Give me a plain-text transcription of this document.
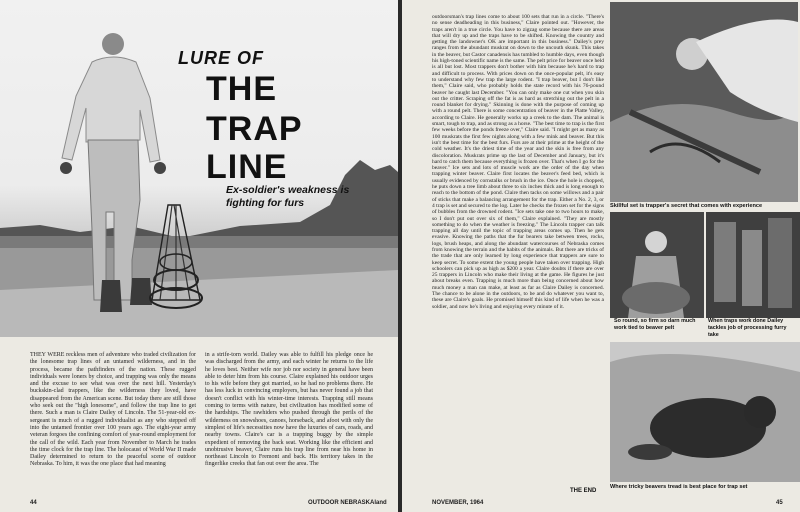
LURE OF
THE
TRAP
LINE
Ex-soldier's weakness is fighting for furs

THEY WERE reckless men of adventure who traded civilization for the lonesome trap lines of an untamed wilderness, and in the process, became the pathfinders of the nation. These rugged individuals were loners by choice, and trapping was only the means and the excuse to see what was over the next hill. Yesterday's buckskin-clad trappers, like the wilderness they loved, have disappeared from the American scene. But today there are still those who seek out the "high lonesome", and follow the trap line to get there. Such a man is Claire Dailey of Lincoln. The 51-year-old ex-sergeant is much of a rugged individualist as any who stepped off into the untamed frontier over 100 years ago. The eight-year army veteran forgoes the confining comfort of year-round employment for the call of the wild. Each year from November to March he trades the time clock for the trap line. The holocaust of World War II made Dailey determined to return to the peaceful scene of outdoor Nebraska. To him, it was the one place that had meaning

in a strife-torn world. Dailey was able to fulfill his pledge once he was discharged from the army, and each winter he returns to the life he loves best. Neither wife nor job nor society in general have been able to deter him from his course. Claire explained his outdoor urges to his wife before they got married, so he had no problems there. He has less luck in convincing employers, but has never found a job that doesn't conflict with his winter-time interests. Trapping still means coming to terms with nature, but civilization has modified some of the hardships. The rawhiders who pushed through the perils of the wilderness on snowshoes, canoes, horseback, and afoot with only the simplest of life's necessities now have the luxuries of cars, roads, and nearby towns. Claire's car is a trapping buggy by the simple expedient of removing the back seat. Working like the efficient and unobtrusive beaver, Claire runs his trap line from near his home in northeast Lincoln to Fremont and back. His territory takes in the fingerlike creeks that fan out over the area. The

44	OUTDOOR NEBRASKAland

outdoorsman's trap lines come to about 100 sets that run in a circle. "There's no sense deadheading in this business," Claire pointed out. "However, the traps aren't in a true circle. You have to zigzag some because there are areas that will dry up and the traps have to be shifted. Knowing the country and getting the landowner's OK are important in this business." Dailey's prey ranges from the abundant muskrat on down to the uncouth skunk. This takes in the beaver, but Castor canadensis has tumbled to humble days, even though his high-toned scientific name is the same. The pelt price for beaver once held is all but lost. Most trappers don't bother with him because he's hard to trap and difficult to process. With prices down on the once-popular pelt, it's easy to understand why few trap the large rodent. "I trap beaver, but I don't like them," Claire said, who probably holds the state record with his 76-pound beaver he caught last December. "You can only make one cut when you skin out the critter. Scraping off the fat is as hard as stretching out the pelt in a round blanket for drying." Skinning is done with the purpose of coming up with a round pelt. There is some concentration of beaver in the Platte Valley, according to Claire. He generally works up a creek to the dam. The animal is smart, tough to trap, and as strong as a horse. "The best time to trap is the first few weeks before the ponds freeze over," Claire said. "I might get as many as 100 muskrats the first few nights along with a few mink and beaver. But this isn't the best time for the best furs. Furs are at their prime at the height of the cold weather. It's the driest time of the year and the skin is free from any discoloration. Muskrats prime up the last of December and January, but it's hard to catch them because everything is frozen over. That's when I go for the beaver." Ice sets and lots of muscle work are the order of the day when trapping winter beaver. Claire first locates the beaver's feed bed, which is usually evidenced by cornstalks or brush in the ice. Once the hole is chopped, he puts down a tree limb about three to six inches thick and is long enough to reach to the bottom of the pond. Claire then tacks on some willows and a pair of sticks that make a balancing arrangement for the trap. Either a No. 2, 3, or 4 trap is set and secured to the log. Later he checks the frozen set for the signs of bubbles from the drowned rodent. "Ice sets take one to two hours to make, so I don't put out over six of them," Claire explained. "They are mostly something to do when the weather is freezing." The Lincoln trapper can talk trapping all day until the topic of trapping areas comes up. Then he gets evasive. Knowing the paths that the fur bearers take between trees, rocks, logs, brush heaps, and along the abundant watercourses of Nebraska comes from knowing the terrain and the habits of the animals. But there are tricks of the trade that are only learned by long experience that trappers are sure to keep secret. To some extent the young people have taken over trapping. High schoolers can pick up as high as $200 a year. Claire doubts if there are over 25 trappers in Lincoln who make their living at the game. He figures he just about breaks even. Trapping is much more than being concerned about how much money a man can make, at least as far as Claire Dailey is concerned. The chance to be alone in the outdoors, to be and do whatever you want to, these are Claire's goals. He promised himself this kind of life when he was a soldier, and now he's living and enjoying every minute of it.

THE END

Skillful set is trapper's secret that comes with experience

So round, so firm so darn much work tied to beaver pelt

When traps work done Dailey tackles job of processing furry take

Where tricky beavers tread is best place for trap set

NOVEMBER, 1964	45
